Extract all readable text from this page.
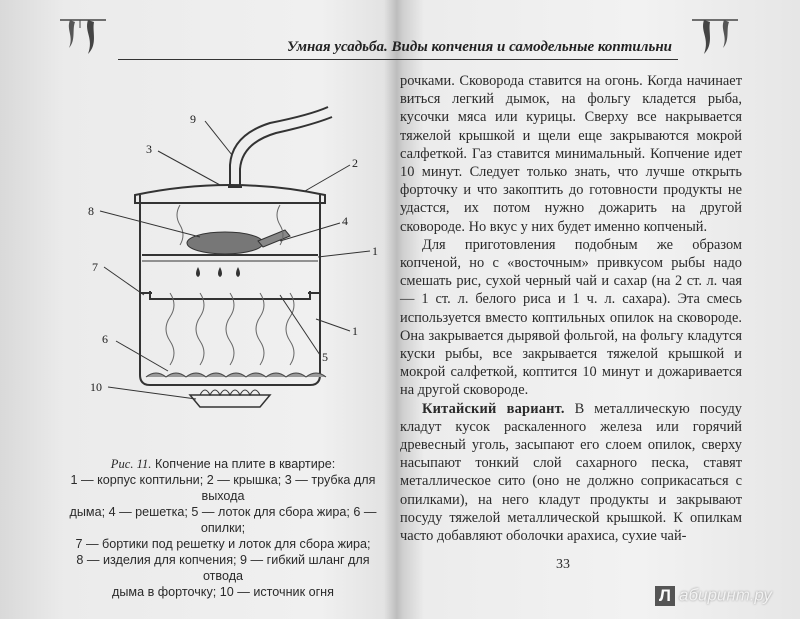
Умная усадьба. Виды копчения и самодельные коптильни
9
3
2
8
4
1
7
1
5
6
10
Рис. 11. Копчение на плите в квартире:
1 — корпус коптильни; 2 — крышка; 3 — трубка для выхода
дыма; 4 — решетка; 5 — лоток для сбора жира; 6 — опилки;
7 — бортики под решетку и лоток для сбора жира;
8 — изделия для копчения; 9 — гибкий шланг для отвода
дыма в форточку; 10 — источник огня

рочками. Сковорода ставится на огонь. Когда начинает виться легкий дымок, на фольгу кладется рыба, кусочки мяса или курицы. Сверху все накрывается тяжелой крышкой и щели еще закрываются мокрой салфеткой. Газ ставится минимальный. Копчение идет 10 минут. Следует только знать, что лучше открыть форточку и что закоптить до готовности продукты не удастся, их потом нужно дожарить на другой сковороде. Но вкус у них будет именно копченый.

Для приготовления подобным же образом копченой, но с «восточным» привкусом рыбы надо смешать рис, сухой черный чай и сахар (на 2 ст. л. чая — 1 ст. л. белого риса и 1 ч. л. сахара). Эта смесь используется вместо коптильных опилок на сковороде. Она закрывается дырявой фольгой, на фольгу кладутся куски рыбы, все закрывается тяжелой крышкой и мокрой салфеткой, коптится 10 минут и дожаривается на другой сковороде.

Китайский вариант. В металлическую посуду кладут кусок раскаленного железа или горячий древесный уголь, засыпают его слоем опилок, сверху насыпают тонкий слой сахарного песка, ставят металлическое сито (оно не должно соприкасаться с опилками), на него кладут продукты и закрывают посуду тяжелой металлической крышкой. К опилкам часто добавляют оболочки арахиса, сухие чай-

33
Л абиринт.ру
